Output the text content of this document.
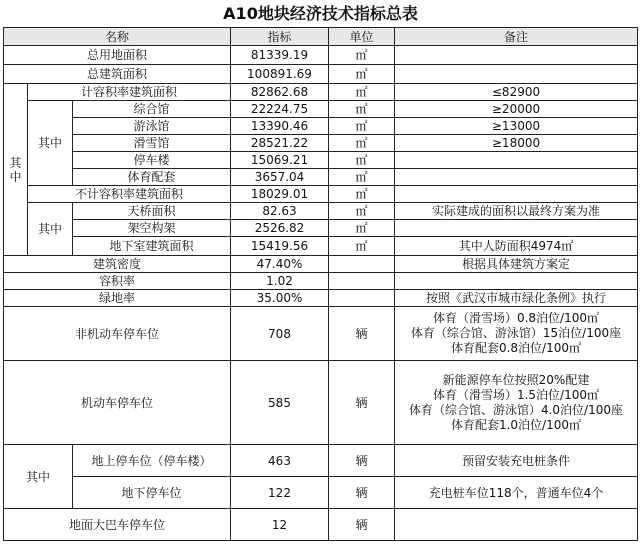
A10地块经济技术指标总表
名称			指标	单位	备注
总用地面积			81339.19	㎡	
总建筑面积			100891.69	㎡	
其中	计容积率建筑面积		82862.68	㎡	≤82900
	其中	综合馆	22224.75	㎡	≥20000
		游泳馆	13390.46	㎡	≥13000
		滑雪馆	28521.22	㎡	≥18000
		停车楼	15069.21	㎡	
		体育配套	3657.04	㎡	
	不计容积率建筑面积		18029.01	㎡	
	其中	天桥面积	82.63	㎡	实际建成的面积以最终方案为准
		架空构架	2526.82	㎡	
		地下室建筑面积	15419.56	㎡	其中人防面积4974㎡
建筑密度			47.40%		根据具体建筑方案定
容积率			1.02		
绿地率			35.00%		按照《武汉市城市绿化条例》执行
非机动车停车位			708	辆	体育（滑雪场）0.8泊位/100㎡
体育（综合馆、游泳馆）15泊位/100座
体育配套0.8泊位/100㎡

机动车停车位			585	辆	新能源停车位按照20%配建
体育（滑雪场）1.5泊位/100㎡
体育（综合馆、游泳馆）4.0泊位/100座
体育配套1.0泊位/100㎡

其中		地上停车位（停车楼）	463	辆	预留安装充电桩条件
		地下停车位	122	辆	充电桩车位118个，普通车位4个
地面大巴车停车位			12	辆	
